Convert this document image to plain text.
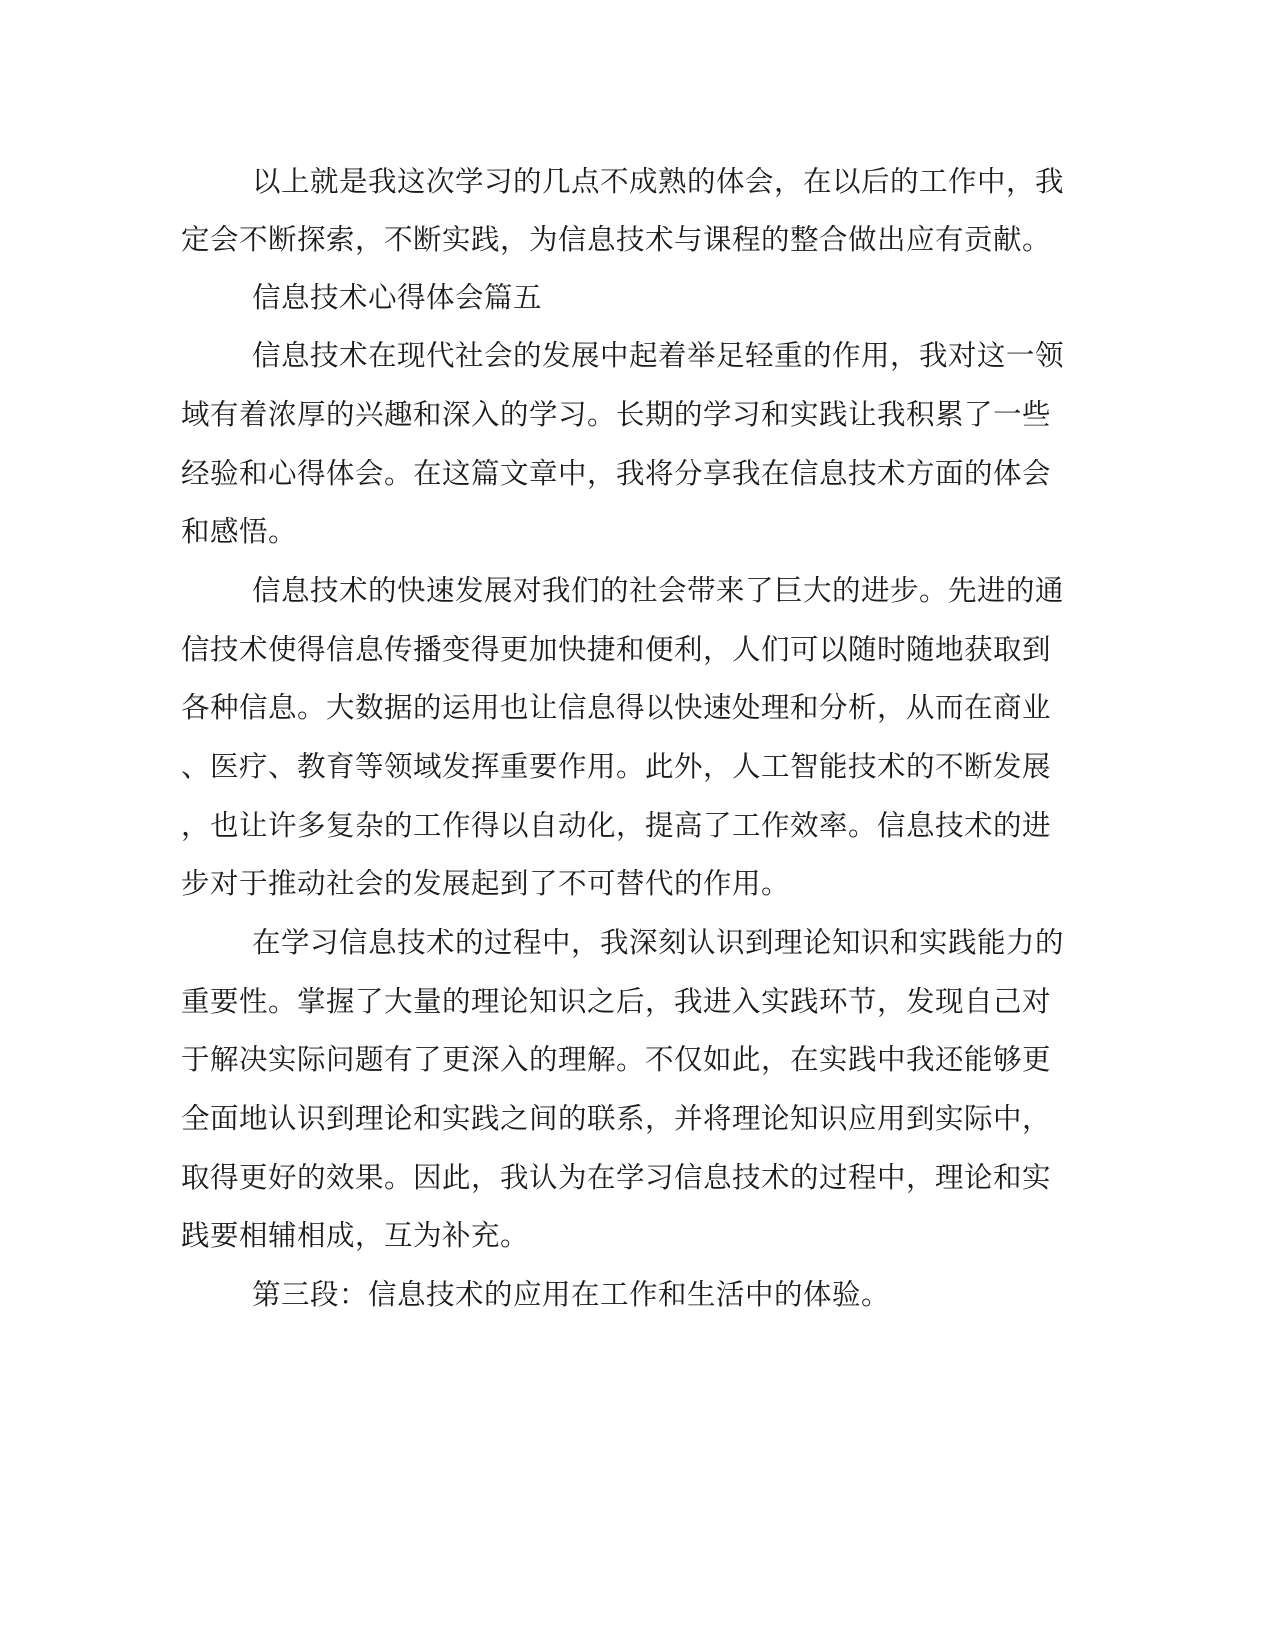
以上就是我这次学习的几点不成熟的体会，在以后的工作中，我
定会不断探索，不断实践，为信息技术与课程的整合做出应有贡献。
信息技术心得体会篇五
信息技术在现代社会的发展中起着举足轻重的作用，我对这一领
域有着浓厚的兴趣和深入的学习。长期的学习和实践让我积累了一些
经验和心得体会。在这篇文章中，我将分享我在信息技术方面的体会
和感悟。
信息技术的快速发展对我们的社会带来了巨大的进步。先进的通
信技术使得信息传播变得更加快捷和便利，人们可以随时随地获取到
各种信息。大数据的运用也让信息得以快速处理和分析，从而在商业
、医疗、教育等领域发挥重要作用。此外，人工智能技术的不断发展
，也让许多复杂的工作得以自动化，提高了工作效率。信息技术的进
步对于推动社会的发展起到了不可替代的作用。
在学习信息技术的过程中，我深刻认识到理论知识和实践能力的
重要性。掌握了大量的理论知识之后，我进入实践环节，发现自己对
于解决实际问题有了更深入的理解。不仅如此，在实践中我还能够更
全面地认识到理论和实践之间的联系，并将理论知识应用到实际中，
取得更好的效果。因此，我认为在学习信息技术的过程中，理论和实
践要相辅相成，互为补充。
第三段：信息技术的应用在工作和生活中的体验。
